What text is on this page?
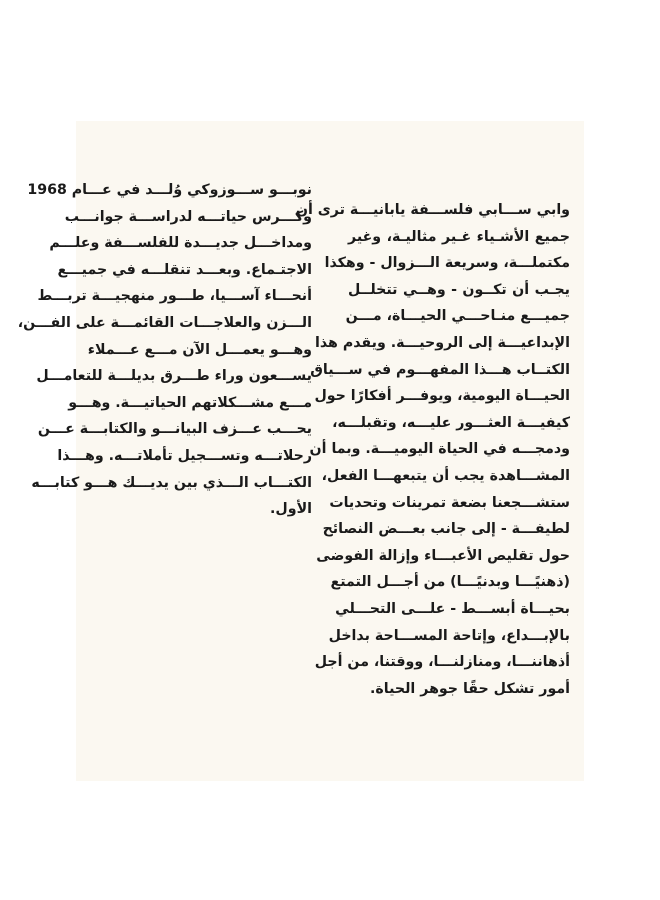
وابي ســـابي فلســـفة يابانيـــة ترى أن
جميع الأشـياء غـير مثاليـة، وغير
مكتملـــة، وسريعة الـــزوال - وهكذا
يجـب أن تكــون - وهــي تتخلــل
جميـــع منـاحـــي الحيـــاة، مـــن
الإبداعيـــة إلى الروحيـــة. ويقدم هذا
الكتــاب هـــذا المفهـــوم في ســـياق
الحيـــاة اليومية، ويوفـــر أفكارًا حول
كيفيـــة العثـــور عليـــه، وتقبلـــه،
ودمجـــه في الحياة اليوميـــة. وبما أن
المشـــاهدة يجب أن يتبعهـــا الفعل،
ستشـــجعنا بضعة تمرينات وتحديات
لطيفـــة - إلى جانب بعـــض النصائح
حول تقليص الأعبـــاء وإزالة الفوضى
(ذهنيًـــا وبدنيًـــا) من أجـــل التمتع
بحيـــاة أبســـط - علـــى التحـــلي
بالإبـــداع، وإتاحة المســـاحة بداخل
أذهاننـــا، ومنازلنـــا، ووقتنا، من أجل
أمور تشكل حقًا جوهر الحياة.
نوبـــو ســـوزوكي وُلـــد في عـــام 1968
وكـــرس حياتـــه لدراســـة جوانـــب
ومداخـــل جديـــدة للفلســـفة وعلـــم
الاجتـماع. وبعـــد تنقلـــه في جميـــع
أنحـــاء آســـيا، طـــور منهجيـــة تربـــط
الـــزن والعلاجـــات القائمـــة على الفـــن،
وهـــو يعمـــل الآن مـــع عـــملاء
يســـعون وراء طـــرق بديلـــة للتعامـــل
مـــع مشـــكلاتهم الحياتيـــة. وهـــو
يحـــب عـــزف البيانـــو والكتابـــة عـــن
رحلاتـــه وتســـجيل تأملاتـــه. وهـــذا
الكتـــاب الـــذي بين يديـــك هـــو كتابـــه
الأول.
